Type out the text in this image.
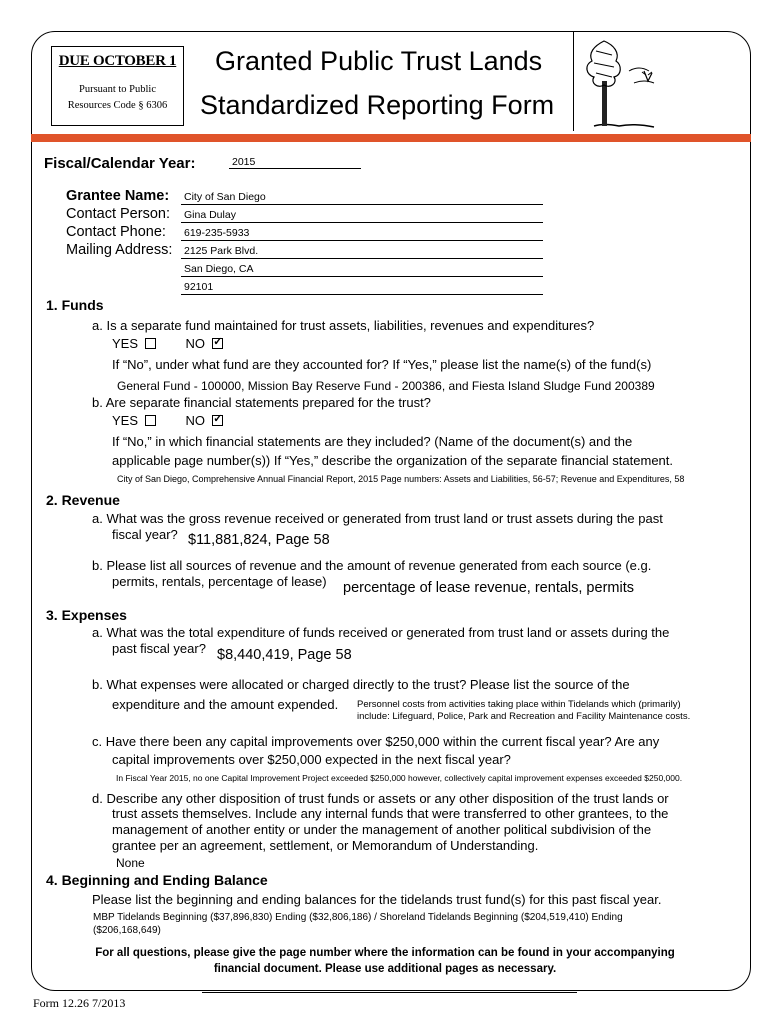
DUE OCTOBER 1
Pursuant to Public
Resources Code § 6306
Granted Public Trust Lands
Standardized Reporting Form
Fiscal/Calendar Year:	2015
Grantee Name: City of San Diego
Contact Person: Gina Dulay
Contact Phone: 619-235-5933
Mailing Address: 2125 Park Blvd.
San Diego, CA
92101
1. Funds
a. Is a separate fund maintained for trust assets, liabilities, revenues and expenditures?
YES	NO  ✓
If “No”, under what fund are they accounted for? If “Yes,” please list the name(s) of the fund(s)
General Fund - 100000, Mission Bay Reserve Fund - 200386, and Fiesta Island Sludge Fund 200389
b. Are separate financial statements prepared for the trust?
YES	NO  ✓
If “No,” in which financial statements are they included? (Name of the document(s) and the
applicable page number(s)) If “Yes,” describe the organization of the separate financial statement.
City of San Diego, Comprehensive Annual Financial Report, 2015 Page numbers: Assets and Liabilities, 56-57; Revenue and Expenditures, 58
2. Revenue
a. What was the gross revenue received or generated from trust land or trust assets during the past
fiscal year? $11,881,824, Page 58
b. Please list all sources of revenue and the amount of revenue generated from each source (e.g.
permits, rentals, percentage of lease) percentage of lease revenue, rentals, permits
3. Expenses
a. What was the total expenditure of funds received or generated from trust land or assets during the
past fiscal year? $8,440,419, Page 58
b. What expenses were allocated or charged directly to the trust? Please list the source of the
expenditure and the amount expended. Personnel costs from activities taking place within Tidelands which (primarily)
include: Lifeguard, Police, Park and Recreation and Facility Maintenance costs.
c. Have there been any capital improvements over $250,000 within the current fiscal year? Are any
capital improvements over $250,000 expected in the next fiscal year?
In Fiscal Year 2015, no one Capital Improvement Project exceeded $250,000 however, collectively capital improvement expenses exceeded $250,000.
d. Describe any other disposition of trust funds or assets or any other disposition of the trust lands or
trust assets themselves. Include any internal funds that were transferred to other grantees, to the
management of another entity or under the management of another political subdivision of the
grantee per an agreement, settlement, or Memorandum of Understanding.
None
4. Beginning and Ending Balance
Please list the beginning and ending balances for the tidelands trust fund(s) for this past fiscal year.
MBP Tidelands Beginning ($37,896,830) Ending ($32,806,186) / Shoreland Tidelands Beginning ($204,519,410) Ending
($206,168,649)
For all questions, please give the page number where the information can be found in your accompanying
financial document. Please use additional pages as necessary.
Form 12.26 7/2013
